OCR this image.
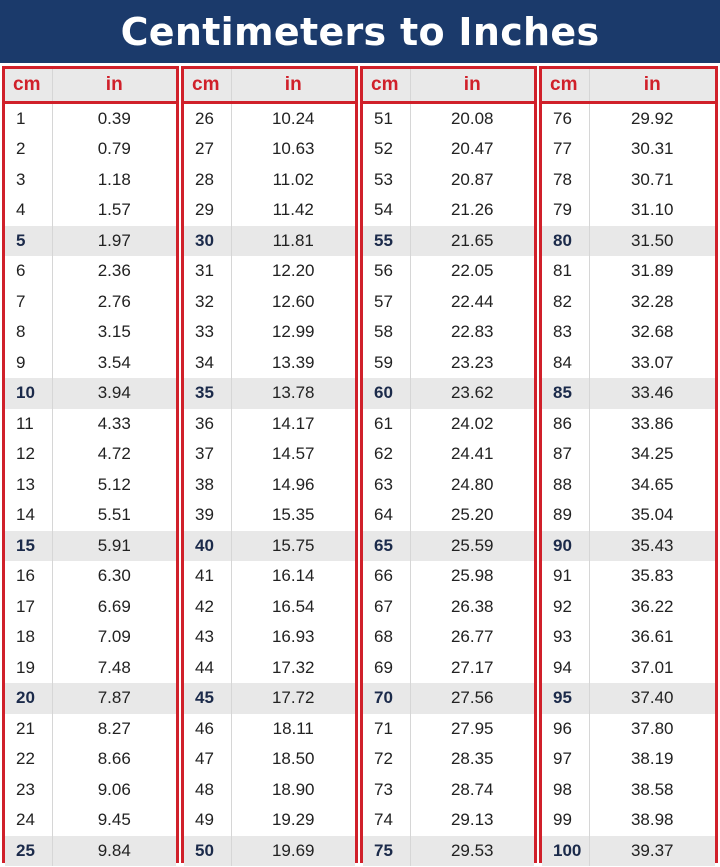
Centimeters to Inches
cm	in
1	0.39
2	0.79
3	1.18
4	1.57
5	1.97
6	2.36
7	2.76
8	3.15
9	3.54
10	3.94
11	4.33
12	4.72
13	5.12
14	5.51
15	5.91
16	6.30
17	6.69
18	7.09
19	7.48
20	7.87
21	8.27
22	8.66
23	9.06
24	9.45
25	9.84
cm	in
26	10.24
27	10.63
28	11.02
29	11.42
30	11.81
31	12.20
32	12.60
33	12.99
34	13.39
35	13.78
36	14.17
37	14.57
38	14.96
39	15.35
40	15.75
41	16.14
42	16.54
43	16.93
44	17.32
45	17.72
46	18.11
47	18.50
48	18.90
49	19.29
50	19.69
cm	in
51	20.08
52	20.47
53	20.87
54	21.26
55	21.65
56	22.05
57	22.44
58	22.83
59	23.23
60	23.62
61	24.02
62	24.41
63	24.80
64	25.20
65	25.59
66	25.98
67	26.38
68	26.77
69	27.17
70	27.56
71	27.95
72	28.35
73	28.74
74	29.13
75	29.53
cm	in
76	29.92
77	30.31
78	30.71
79	31.10
80	31.50
81	31.89
82	32.28
83	32.68
84	33.07
85	33.46
86	33.86
87	34.25
88	34.65
89	35.04
90	35.43
91	35.83
92	36.22
93	36.61
94	37.01
95	37.40
96	37.80
97	38.19
98	38.58
99	38.98
100	39.37
